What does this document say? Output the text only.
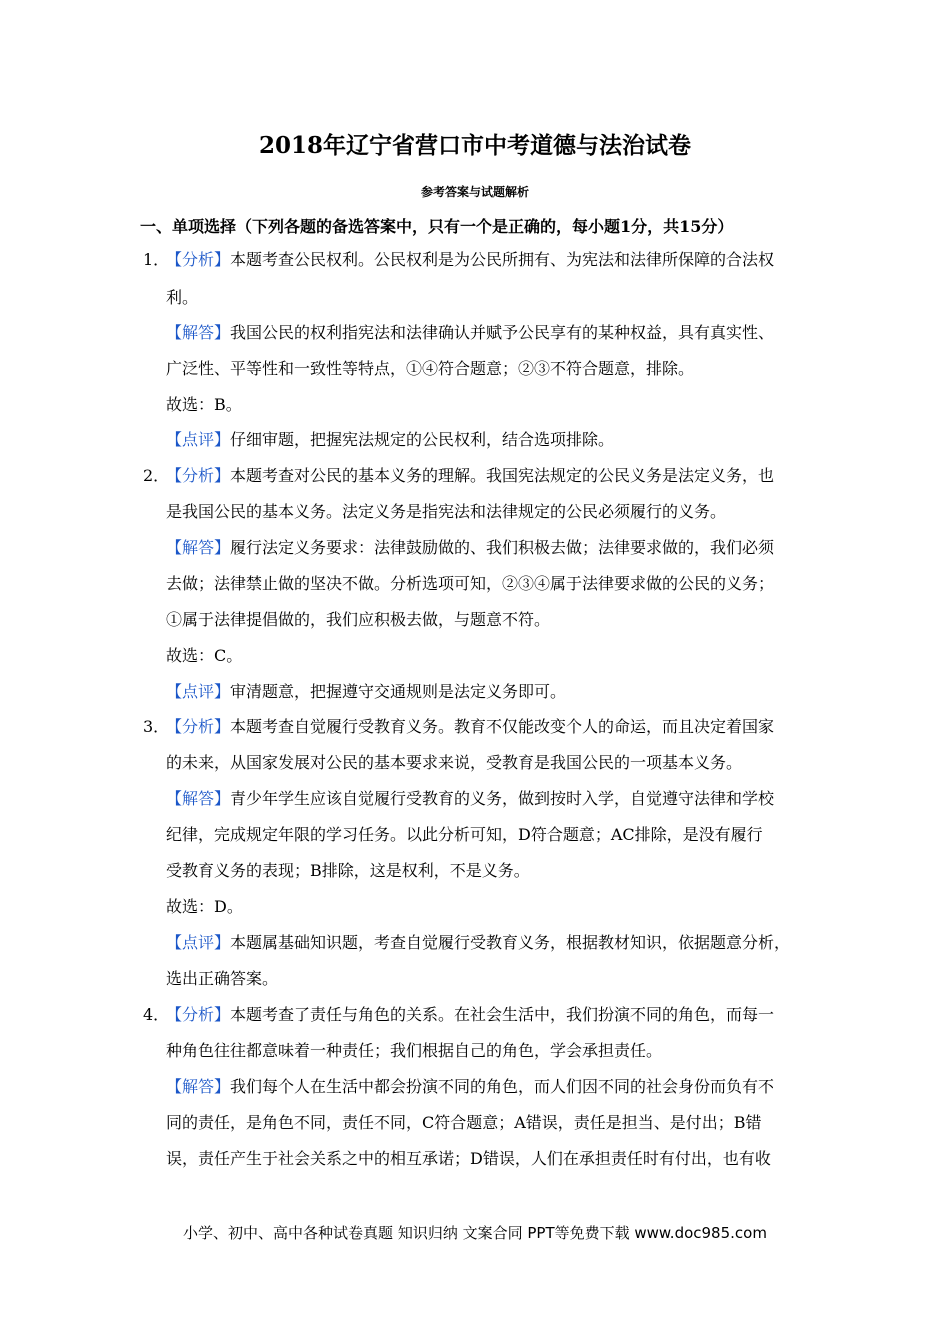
2018年辽宁省营口市中考道德与法治试卷
参考答案与试题解析
一、单项选择（下列各题的备选答案中，只有一个是正确的，每小题1分，共15分）
1．
【分析】本题考查公民权利。公民权利是为公民所拥有、为宪法和法律所保障的合法权
利。
【解答】我国公民的权利指宪法和法律确认并赋予公民享有的某种权益，具有真实性、
广泛性、平等性和一致性等特点，①④符合题意；②③不符合题意，排除。
故选：B。
【点评】仔细审题，把握宪法规定的公民权利，结合选项排除。
2．
【分析】本题考查对公民的基本义务的理解。我国宪法规定的公民义务是法定义务，也
是我国公民的基本义务。法定义务是指宪法和法律规定的公民必须履行的义务。
【解答】履行法定义务要求：法律鼓励做的、我们积极去做；法律要求做的，我们必须
去做；法律禁止做的坚决不做。分析选项可知，②③④属于法律要求做的公民的义务；
①属于法律提倡做的，我们应积极去做，与题意不符。
故选：C。
【点评】审清题意，把握遵守交通规则是法定义务即可。
3．
【分析】本题考查自觉履行受教育义务。教育不仅能改变个人的命运，而且决定着国家
的未来，从国家发展对公民的基本要求来说，受教育是我国公民的一项基本义务。
【解答】青少年学生应该自觉履行受教育的义务，做到按时入学，自觉遵守法律和学校
纪律，完成规定年限的学习任务。以此分析可知，D符合题意；AC排除，是没有履行
受教育义务的表现；B排除，这是权利，不是义务。
故选：D。
【点评】本题属基础知识题，考查自觉履行受教育义务，根据教材知识，依据题意分析，
选出正确答案。
4．
【分析】本题考查了责任与角色的关系。在社会生活中，我们扮演不同的角色，而每一
种角色往往都意味着一种责任；我们根据自己的角色，学会承担责任。
【解答】我们每个人在生活中都会扮演不同的角色，而人们因不同的社会身份而负有不
同的责任，是角色不同，责任不同，C符合题意；A错误，责任是担当、是付出；B错
误，责任产生于社会关系之中的相互承诺；D错误，人们在承担责任时有付出，也有收
小学、初中、高中各种试卷真题 知识归纳 文案合同 PPT等免费下载 www.doc985.com
